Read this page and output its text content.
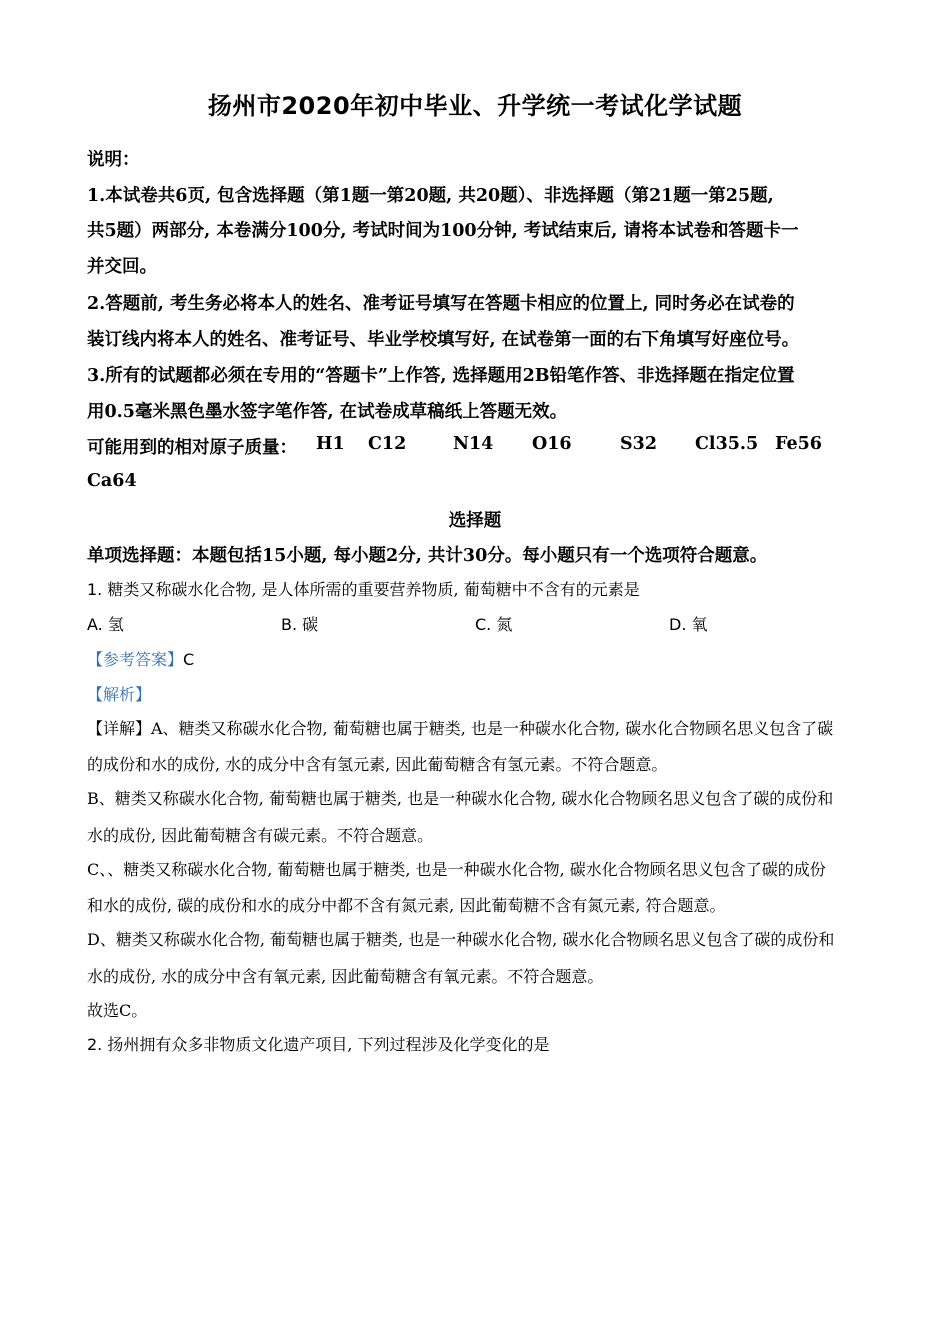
扬州市2020年初中毕业、升学统一考试化学试题
说明：
1.本试卷共6页, 包含选择题（第1题一第20题, 共20题）、非选择题（第21题一第25题,
共5题）两部分, 本卷满分100分, 考试时间为100分钟, 考试结束后, 请将本试卷和答题卡一
并交回。
2.答题前, 考生务必将本人的姓名、准考证号填写在答题卡相应的位置上, 同时务必在试卷的
装订线内将本人的姓名、准考证号、毕业学校填写好, 在试卷第一面的右下角填写好座位号。
3.所有的试题都必须在专用的“答题卡”上作答, 选择题用2B铅笔作答、非选择题在指定位置
用0.5毫米黑色墨水签字笔作答, 在试卷成草稿纸上答题无效。
可能用到的相对原子质量： H1 C12	N14 O16	S32 Cl35.5 Fe56
Ca64
选择题
单项选择题：本题包括15小题, 每小题2分, 共计30分。每小题只有一个选项符合题意。
1. 糖类又称碳水化合物, 是人体所需的重要营养物质, 葡萄糖中不含有的元素是
A. 氢	B. 碳	C. 氮	D. 氧
【参考答案】C
【解析】
【详解】A、糖类又称碳水化合物, 葡萄糖也属于糖类, 也是一种碳水化合物, 碳水化合物顾名思义包含了碳
的成份和水的成份, 水的成分中含有氢元素, 因此葡萄糖含有氢元素。不符合题意。
B、糖类又称碳水化合物, 葡萄糖也属于糖类, 也是一种碳水化合物, 碳水化合物顾名思义包含了碳的成份和
水的成份, 因此葡萄糖含有碳元素。不符合题意。
C、、糖类又称碳水化合物, 葡萄糖也属于糖类, 也是一种碳水化合物, 碳水化合物顾名思义包含了碳的成份
和水的成份, 碳的成份和水的成分中都不含有氮元素, 因此葡萄糖不含有氮元素, 符合题意。
D、糖类又称碳水化合物, 葡萄糖也属于糖类, 也是一种碳水化合物, 碳水化合物顾名思义包含了碳的成份和
水的成份, 水的成分中含有氧元素, 因此葡萄糖含有氧元素。不符合题意。
故选C。
2. 扬州拥有众多非物质文化遗产项目, 下列过程涉及化学变化的是
